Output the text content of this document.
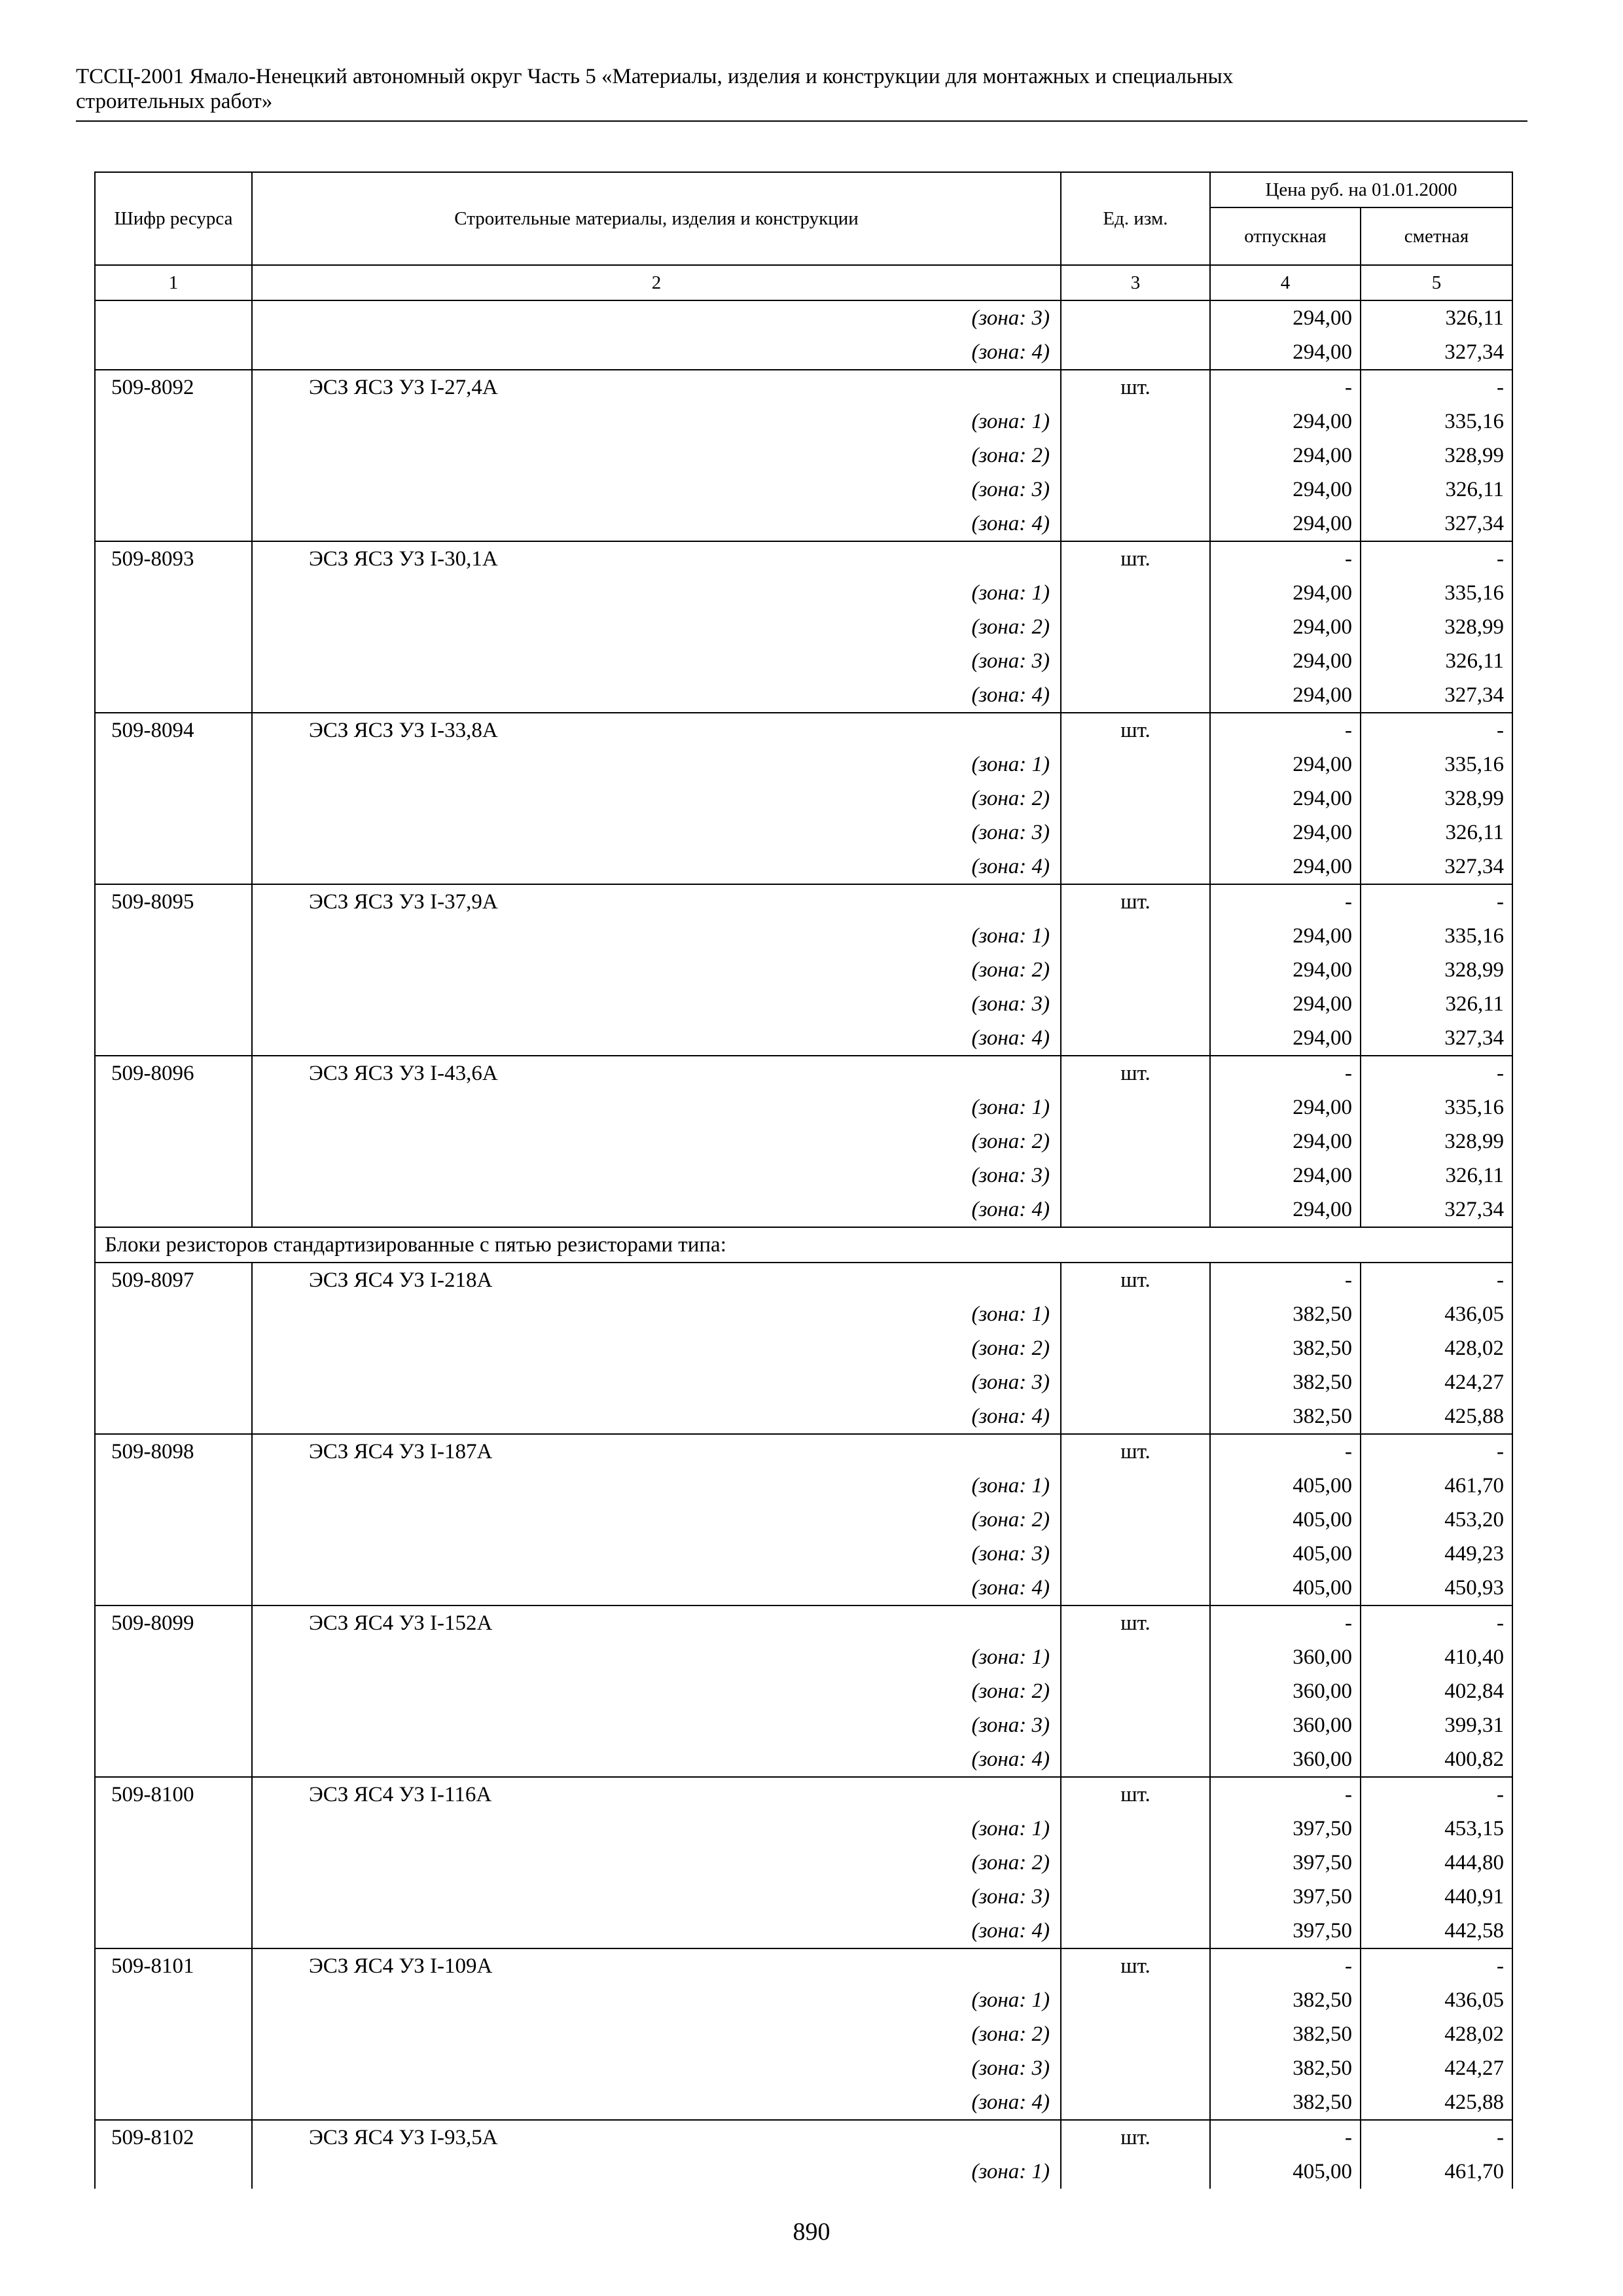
ТССЦ-2001 Ямало-Ненецкий автономный округ Часть 5 «Материалы, изделия и конструкции для монтажных и специальных
строительных работ»
Шифр ресурса	Строительные материалы, изделия и конструкции	Ед. изм.	Цена руб. на 01.01.2000	
			отпускная	сметная
1	2	3	4	5
	(зона: 3)		294,00	326,11
	(зона: 4)		294,00	327,34
509-8092	ЭСЗ ЯСЗ УЗ I-27,4А	шт.	-	-
	(зона: 1)		294,00	335,16
	(зона: 2)		294,00	328,99
	(зона: 3)		294,00	326,11
	(зона: 4)		294,00	327,34
509-8093	ЭСЗ ЯСЗ УЗ I-30,1А	шт.	-	-
	(зона: 1)		294,00	335,16
	(зона: 2)		294,00	328,99
	(зона: 3)		294,00	326,11
	(зона: 4)		294,00	327,34
509-8094	ЭСЗ ЯСЗ УЗ I-33,8А	шт.	-	-
	(зона: 1)		294,00	335,16
	(зона: 2)		294,00	328,99
	(зона: 3)		294,00	326,11
	(зона: 4)		294,00	327,34
509-8095	ЭСЗ ЯСЗ УЗ I-37,9А	шт.	-	-
	(зона: 1)		294,00	335,16
	(зона: 2)		294,00	328,99
	(зона: 3)		294,00	326,11
	(зона: 4)		294,00	327,34
509-8096	ЭСЗ ЯСЗ УЗ I-43,6А	шт.	-	-
	(зона: 1)		294,00	335,16
	(зона: 2)		294,00	328,99
	(зона: 3)		294,00	326,11
	(зона: 4)		294,00	327,34
Блоки резисторов стандартизированные с пятью резисторами типа:				
509-8097	ЭСЗ ЯС4 УЗ I-218А	шт.	-	-
	(зона: 1)		382,50	436,05
	(зона: 2)		382,50	428,02
	(зона: 3)		382,50	424,27
	(зона: 4)		382,50	425,88
509-8098	ЭСЗ ЯС4 УЗ I-187А	шт.	-	-
	(зона: 1)		405,00	461,70
	(зона: 2)		405,00	453,20
	(зона: 3)		405,00	449,23
	(зона: 4)		405,00	450,93
509-8099	ЭСЗ ЯС4 УЗ I-152А	шт.	-	-
	(зона: 1)		360,00	410,40
	(зона: 2)		360,00	402,84
	(зона: 3)		360,00	399,31
	(зона: 4)		360,00	400,82
509-8100	ЭСЗ ЯС4 УЗ I-116А	шт.	-	-
	(зона: 1)		397,50	453,15
	(зона: 2)		397,50	444,80
	(зона: 3)		397,50	440,91
	(зона: 4)		397,50	442,58
509-8101	ЭСЗ ЯС4 УЗ I-109А	шт.	-	-
	(зона: 1)		382,50	436,05
	(зона: 2)		382,50	428,02
	(зона: 3)		382,50	424,27
	(зона: 4)		382,50	425,88
509-8102	ЭСЗ ЯС4 УЗ I-93,5А	шт.	-	-
	(зона: 1)		405,00	461,70
890
